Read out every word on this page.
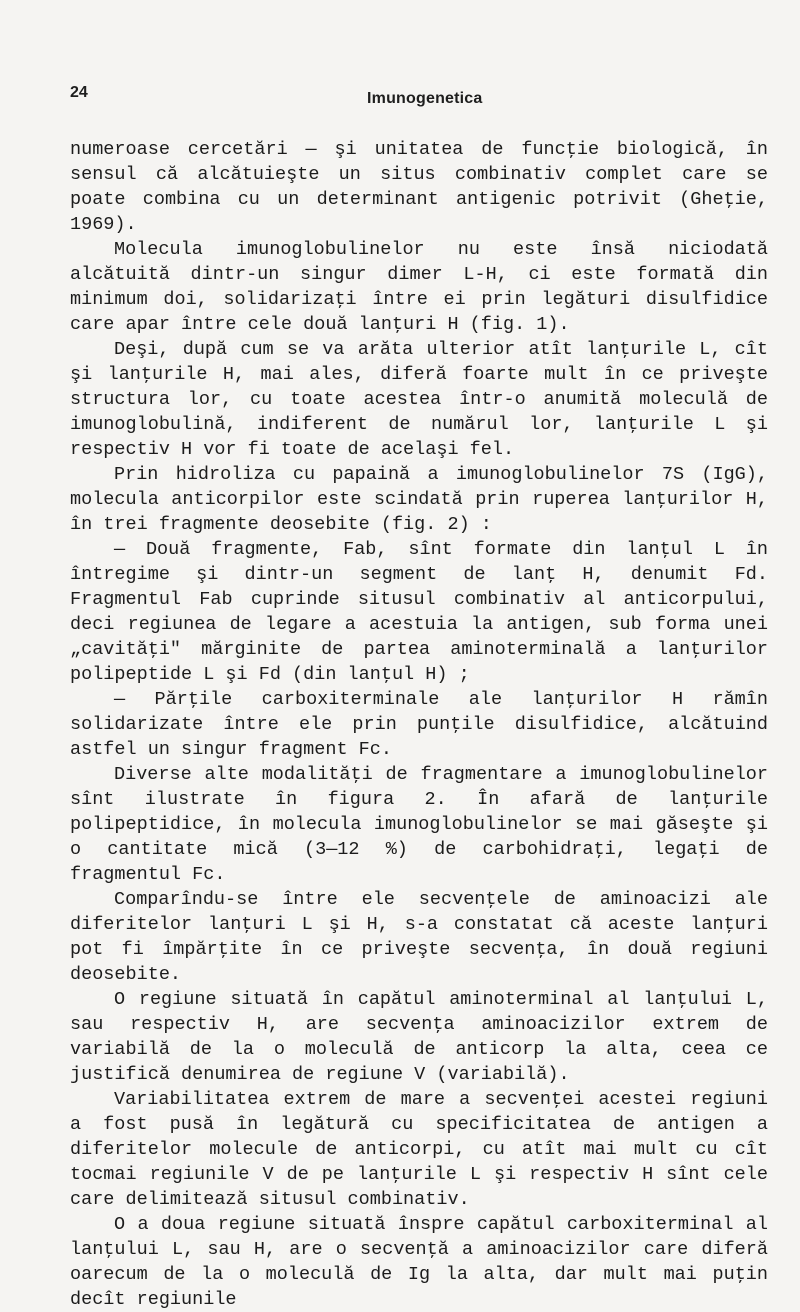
24	Imunogenetica

numeroase cercetări — şi unitatea de funcţie biologică, în sensul că alcătuieşte un situs combinativ complet care se poate combina cu un determinant antigenic potrivit (Gheţie, 1969).

Molecula imunoglobulinelor nu este însă niciodată alcătuită dintr-un singur dimer L-H, ci este formată din minimum doi, solidarizaţi între ei prin legături disulfidice care apar între cele două lanţuri H (fig. 1).

Deşi, după cum se va arăta ulterior atît lanţurile L, cît şi lanţurile H, mai ales, diferă foarte mult în ce priveşte structura lor, cu toate acestea într-o anumită moleculă de imunoglobulină, indiferent de numărul lor, lanţurile L şi respectiv H vor fi toate de acelaşi fel.

Prin hidroliza cu papaină a imunoglobulinelor 7S (IgG), molecula anticorpilor este scindată prin ruperea lanţurilor H, în trei fragmente deosebite (fig. 2) :

— Două fragmente, Fab, sînt formate din lanţul L în întregime şi dintr-un segment de lanţ H, denumit Fd. Fragmentul Fab cuprinde situsul combinativ al anticorpului, deci regiunea de legare a acestuia la antigen, sub forma unei „cavităţi" mărginite de partea aminoterminală a lanţurilor polipeptide L şi Fd (din lanţul H) ;

— Părţile carboxiterminale ale lanţurilor H rămîn solidarizate între ele prin punţile disulfidice, alcătuind astfel un singur fragment Fc.

Diverse alte modalităţi de fragmentare a imunoglobulinelor sînt ilustrate în figura 2. În afară de lanţurile polipeptidice, în molecula imunoglobulinelor se mai găseşte şi o cantitate mică (3—12 %) de carbohidraţi, legaţi de fragmentul Fc.

Comparîndu-se între ele secvenţele de aminoacizi ale diferitelor lanţuri L şi H, s-a constatat că aceste lanţuri pot fi împărţite în ce priveşte secvenţa, în două regiuni deosebite.

O regiune situată în capătul aminoterminal al lanţului L, sau respectiv H, are secvenţa aminoacizilor extrem de variabilă de la o moleculă de anticorp la alta, ceea ce justifică denumirea de regiune V (variabilă).

Variabilitatea extrem de mare a secvenţei acestei regiuni a fost pusă în legătură cu specificitatea de antigen a diferitelor molecule de anticorpi, cu atît mai mult cu cît tocmai regiunile V de pe lanţurile L şi respectiv H sînt cele care delimitează situsul combinativ.

O a doua regiune situată înspre capătul carboxiterminal al lanţului L, sau H, are o secvenţă a aminoacizilor care diferă oarecum de la o moleculă de Ig la alta, dar mult mai puţin decît regiunile
